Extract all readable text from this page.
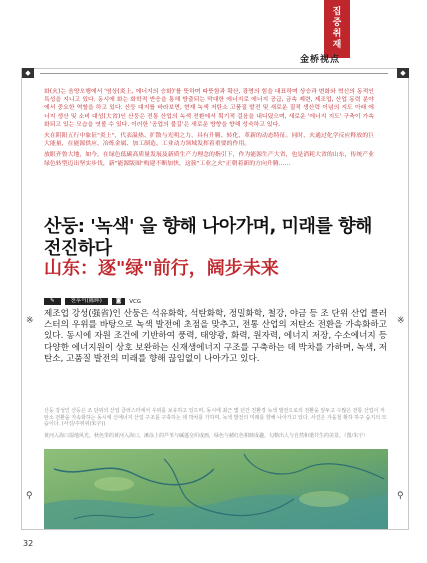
집
중
취
재
金桥视点
◆	◆
※	※
⚲	⚲

화(火)는 음양오행에서 '염상(炎上, 에너지의 승화)'를 뜻하며 따뜻함과 확산, 광명의 힘을 대표하며 상승과 변화와 혁신의 동적인 특성을 지니고 있다. 동시에 화는 화학적 반응을 통해 방출되는 막대한 에너지로 에너지 공급, 금속 제련, 제조업, 산업 동력 분야에서 중요한 역할을 하고 있다. 산둥 대지를 바라보면, 현재 녹색 저탄소 고품질 발전 및 새로운 질적 생산력 이념의 지도 아래 에너지 생산 및 소비 대성(大省)인 산둥은 전통 산업의 녹색 전환에서 획기적 걸음을 내디뎠으며, 새로운 '에너지 지도' 구축이 가속화되고 있는 모습을 엿볼 수 있다. 이러한 '공업의 불길'은 새로운 방향을 향해 성숙하고 있다.

火在阴阳五行中象征"炎上"，代表温热、扩散与光明之力，具有升腾、转化、革新的动态特征。同时，火通过化学反应释放的巨大能量，在能源供应、冶炼金属、加工制造、工业动力领域发挥着重要的作用。

放眼齐鲁大地，如今，在绿色低碳高质量发展及新质生产力理念的指引下，作为能源生产大省，也是消耗大省的山东，传统产业绿色转型迈出坚实步伐，新"能源版图"构建不断加快，这簇"工业之火"正朝着新的方向升腾……

산둥: '녹색' 을 향해 나아가며, 미래를 향해 전진하다
山东：逐"绿"前行，阔步未来
✎	천후이(陈晖)	◙	VCG

제조업 강성(强省)인 산둥은 석유화학, 석탄화학, 정밀화학, 철강, 야금 등 조 단위 산업 클러스터의 우위를 바탕으로 녹색 발전에 초점을 맞추고, 전통 산업의 저탄소 전환을 가속화하고 있다. 동시에 자원 조건에 기반하여 풍력, 태양광, 화력, 원자력, 에너지 저장, 수소에너지 등 다양한 에너지원이 상호 보완하는 신재생에너지 구조를 구축하는 데 박차를 가하며, 녹색, 저탄소, 고품질 발전의 미래를 향해 끊임없이 나아가고 있다.

산둥 강성인 산둥은 조 단위의 산업 클러스터에서 우위를 보유하고 있으며, 동시에 최근 몇 년간 친환경 녹색 발전으로의 전환을 앞두고 수많은 전통 산업이 저탄소 전환을 가속화하는 동시에 신에너지 산업 구조를 구축하는 데 박차를 가하며, 녹색 발전의 미래를 향해 나아가고 있다. 사진은 가을철 황하 하구 습지의 모습이다. (사진/주위위(朱宇))

黄河入海口湿地风光。秋色里的黄河入海口，滩涂上的芦苇与碱蓬交织成画，绿色与赭红色相映成趣，勾勒出人与自然和谐共生的美景。（图/朱宇）

32
